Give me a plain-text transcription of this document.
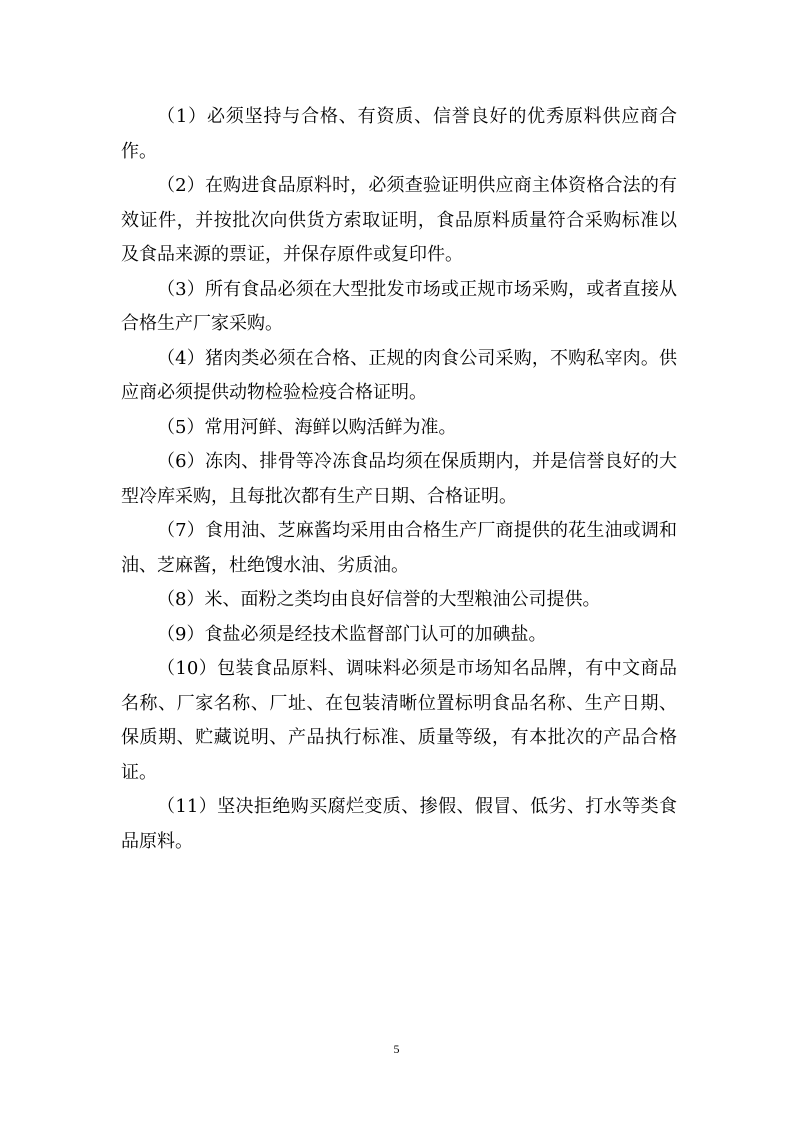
（1）必须坚持与合格、有资质、信誉良好的优秀原料供应商合作。

（2）在购进食品原料时，必须查验证明供应商主体资格合法的有效证件，并按批次向供货方索取证明，食品原料质量符合采购标准以及食品来源的票证，并保存原件或复印件。

（3）所有食品必须在大型批发市场或正规市场采购，或者直接从合格生产厂家采购。

（4）猪肉类必须在合格、正规的肉食公司采购，不购私宰肉。供应商必须提供动物检验检疫合格证明。

（5）常用河鲜、海鲜以购活鲜为准。

（6）冻肉、排骨等冷冻食品均须在保质期内，并是信誉良好的大型冷库采购，且每批次都有生产日期、合格证明。

（7）食用油、芝麻酱均采用由合格生产厂商提供的花生油或调和油、芝麻酱，杜绝馊水油、劣质油。

（8）米、面粉之类均由良好信誉的大型粮油公司提供。

（9）食盐必须是经技术监督部门认可的加碘盐。

（10）包装食品原料、调味料必须是市场知名品牌，有中文商品名称、厂家名称、厂址、在包装清晰位置标明食品名称、生产日期、保质期、贮藏说明、产品执行标准、质量等级，有本批次的产品合格证。

（11）坚决拒绝购买腐烂变质、掺假、假冒、低劣、打水等类食品原料。

5
